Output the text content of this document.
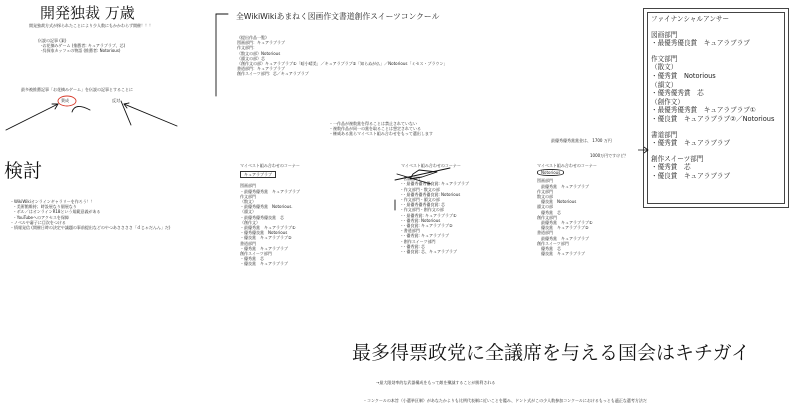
開発独裁 万歳
開発独裁方式が採られたことにより少人数にもかかわらず開催！！！
伝説の記事 (案)
-お花摘みゲーム (推薦者: キュアラブラブ、芯)
-呉探家カッフェの物語 (推薦者: Notorious)
最多被推薦記事「お花摘みゲーム」を伝説の記事とすることに
賛成	反対
検討
・WikiWikiオンラインギャラリーを作ろう！！
- 美術館維持；時設展なり個展なり
- ボル／はオンラインR18という規範意義がある
- YouTubeへのアクセスを保障
・ノベルや審子に目次をつける
・情報発信 (開催日時の決定や議題の事前提出などのやつあささささ「ｄじゃだんん」だ)
全WikiWikiあまねく図画作文書道創作スイーツコンクール
《提出作品一覧》
図画部門：キュアラブラブ
作文部門：
（散文の部）Notorious
（韻文の部）芯
（創作文の部）キュアラブラブ①「暗小晴美」／キュアラブラブ②「知らぬが仏」／Notorious「ミセス・ブラウン」
書道部門：キュアラブラブ
創作スイーツ部門：芯／キュアラブラブ
・一作品が複数賞を得ることは禁止されていない
・複数作品が同一の賞を取ることは想定されている
・権威ある賞らマイベスト組み合わせをもって選出します
最優秀優秀賞賞金は、 1700 万円
1000万円ですけど？
ファイナンシャルアンサー
図画部門
・最優秀優良賞　キュアラブラブ
作文部門
（散文）
・優秀賞　Notorious
（韻文）
・優秀優秀賞　芯
（創作文）
・最優秀優秀賞　キュアラブラブ①
・優良賞　キュアラブラブ②／Notorious
書道部門
・優秀賞　キュアラブラブ
創作スイーツ部門
・優秀賞　芯
・優良賞　キュアラブラブ
マイベスト組み合わせのコーナー
キュアラブラブ
図画部門
・最優秀優秀賞　キュアラブラブ
作文部門
（散文）
・最優秀優秀賞　Notorious.
（韻文）
・最優秀優秀優良賞　芯
（創作文）
・最優秀賞　キュアラブラブ①
・優秀優良賞　Notorious
・優良賞　キュアラブラブ②
書道部門
・優秀賞　キュアラブラブ
創作スイーツ部門
・優秀賞　芯
・優良賞　キュアラブラブ
マイベスト組み合わせのコーナー
- 図画部門
- - 最優秀優秀優良賞: キュアラブラブ
- 作文部門 - 散文の部
- - 最優秀優秀優良賞: Notorious
- 作文部門 - 韻文の部
- - 最優秀優秀優良賞: 芯
- 作文部門 - 創作文の部
- - 最優秀賞: キュアラブラブ①
- - 優秀賞: Notorious
- - 優良賞: キュアラブラブ②
- 書道部門
- - 優秀賞: キュアラブラブ
- 創作スイーツ部門
- - 優秀賞: 芯
- - 優良賞: 芯、キュアラブラブ
マイベスト組み合わせのコーナー
Notorious
図画部門
　最優秀賞　キュアラブラブ
作文部門
散文の部
　優良賞　Notorious
韻文の部
　優秀賞　芯
創作文部門
　最優秀賞　キュアラブラブ①
　優良賞　キュアラブラブ②
書道部門
　最優秀賞　キュアラブラブ
創作スイーツ部門
　優秀賞　芯
　優良賞　キュアラブラブ
最多得票政党に全議席を与える国会はキチガイ
→最大限効率的な武器構成をもって敵を殲滅することが勝利される
・コンクールの本旨（小選挙区制）があなたかよりも比例代表制に近いことを鑑み、ドント式がこの少人数参加コンクールにおけるもっとも適正な選考方法だ
